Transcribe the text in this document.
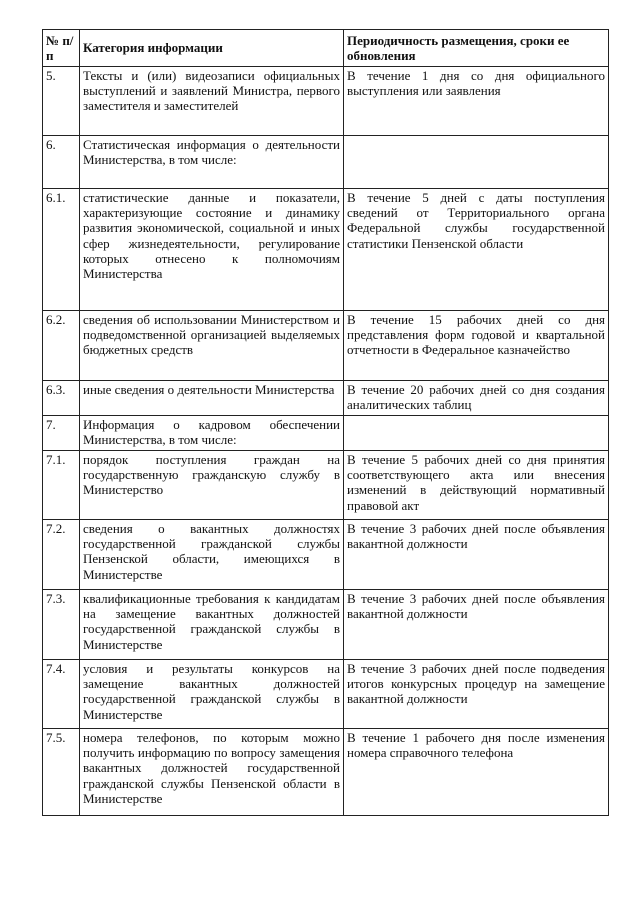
№ п/п	Категория информации	Периодичность размещения, сроки ее обновления
5.	Тексты и (или) видеозаписи официальных выступлений и заявлений Министра, первого заместителя и заместителей	В течение 1 дня со дня официального выступления или заявления
6.	Статистическая информация о деятельности Министерства, в том числе:	
6.1.	статистические данные и показатели, характеризующие состояние и динамику развития экономической, социальной и иных сфер жизнедеятельности, регулирование которых отнесено к полномочиям Министерства	В течение 5 дней с даты поступления сведений от Территориального органа Федеральной службы государственной статистики Пензенской области
6.2.	сведения об использовании Министерством и подведомственной организацией выделяемых бюджетных средств	В течение 15 рабочих дней со дня представления форм годовой и квартальной отчетности в Федеральное казначейство
6.3.	иные сведения о деятельности Министерства	В течение 20 рабочих дней со дня создания аналитических таблиц
7.	Информация о кадровом обеспечении Министерства, в том числе:	
7.1.	порядок поступления граждан на государственную гражданскую службу в Министерство	В течение 5 рабочих дней со дня принятия соответствующего акта или внесения изменений в действующий нормативный правовой акт
7.2.	сведения о вакантных должностях государственной гражданской службы Пензенской области, имеющихся в Министерстве	В течение 3 рабочих дней после объявления вакантной должности
7.3.	квалификационные требования к кандидатам на замещение вакантных должностей государственной гражданской службы в Министерстве	В течение 3 рабочих дней после объявления вакантной должности
7.4.	условия и результаты конкурсов на замещение вакантных должностей государственной гражданской службы в Министерстве	В течение 3 рабочих дней после подведения итогов конкурсных процедур на замещение вакантной должности
7.5.	номера телефонов, по которым можно получить информацию по вопросу замещения вакантных должностей государственной гражданской службы Пензенской области в Министерстве	В течение 1 рабочего дня после изменения номера справочного телефона
